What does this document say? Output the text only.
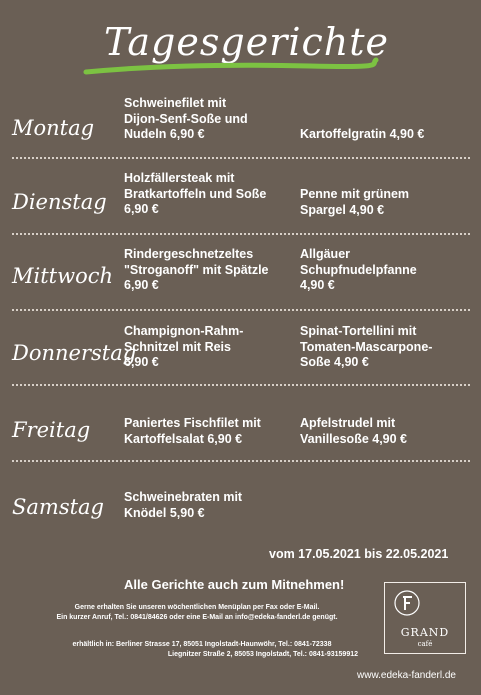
Tagesgerichte
Montag
Schweinefilet mit
Dijon-Senf-Soße und
Nudeln 6,90 €	Kartoffelgratin 4,90 €
Dienstag
Holzfällersteak mit
Bratkartoffeln und Soße
6,90 €
Penne mit grünem
Spargel 4,90 €
Mittwoch
Rindergeschnetzeltes
"Stroganoff" mit Spätzle
6,90 €
Allgäuer
Schupfnudelpfanne
4,90 €
Donnerstag
Champignon-Rahm-
Schnitzel mit Reis
6,90 €
Spinat-Tortellini mit
Tomaten-Mascarpone-
Soße 4,90 €
Freitag	Paniertes Fischfilet mit
Kartoffelsalat 6,90 €
Apfelstrudel mit
Vanillesoße 4,90 €
Samstag Schweinebraten mit
Knödel 5,90 €
vom 17.05.2021 bis 22.05.2021
Alle Gerichte auch zum Mitnehmen!
Gerne erhalten Sie unseren wöchentlichen Menüplan per Fax oder E-Mail.
Ein kurzer Anruf, Tel.: 0841/84626 oder eine E-Mail an info@edeka-fanderl.de genügt.
erhältlich in: Berliner Strasse 17, 85051 Ingolstadt-Haunwöhr, Tel.: 0841-72338
Liegnitzer Straße 2, 85053 Ingolstadt, Tel.: 0841-93159912
GRAND
café
www.edeka-fanderl.de
